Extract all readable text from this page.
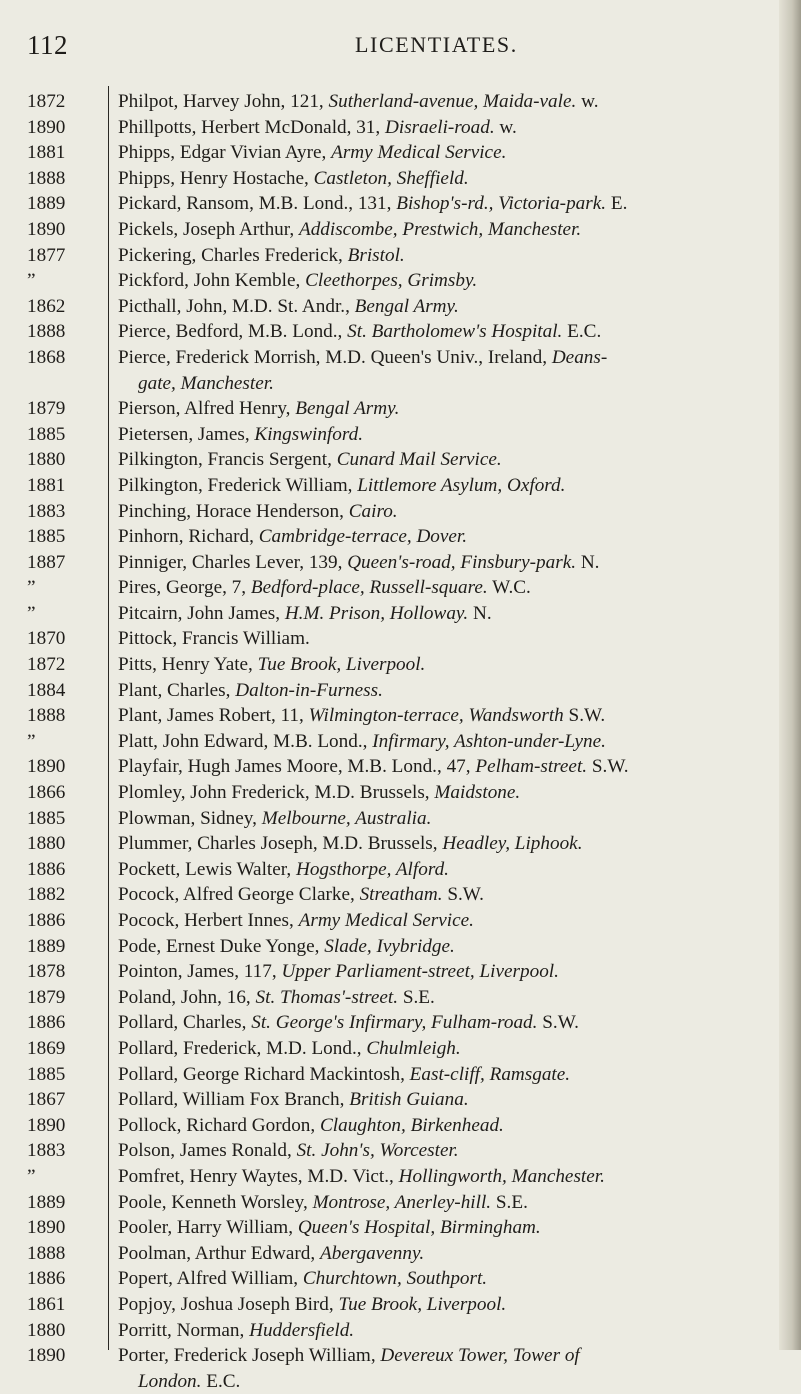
112	LICENTIATES.
1872	Philpot, Harvey John, 121, Sutherland-avenue, Maida-vale. w.
1890	Phillpotts, Herbert McDonald, 31, Disraeli-road. w.
1881	Phipps, Edgar Vivian Ayre, Army Medical Service.
1888	Phipps, Henry Hostache, Castleton, Sheffield.
1889	Pickard, Ransom, M.B. Lond., 131, Bishop's-rd., Victoria-park. E.
1890	Pickels, Joseph Arthur, Addiscombe, Prestwich, Manchester.
1877	Pickering, Charles Frederick, Bristol.
”	Pickford, John Kemble, Cleethorpes, Grimsby.
1862	Picthall, John, M.D. St. Andr., Bengal Army.
1888	Pierce, Bedford, M.B. Lond., St. Bartholomew's Hospital. E.C.
1868	Pierce, Frederick Morrish, M.D. Queen's Univ., Ireland, Deans-
gate, Manchester.
1879	Pierson, Alfred Henry, Bengal Army.
1885	Pietersen, James, Kingswinford.
1880	Pilkington, Francis Sergent, Cunard Mail Service.
1881	Pilkington, Frederick William, Littlemore Asylum, Oxford.
1883	Pinching, Horace Henderson, Cairo.
1885	Pinhorn, Richard, Cambridge-terrace, Dover.
1887	Pinniger, Charles Lever, 139, Queen's-road, Finsbury-park. N.
”	Pires, George, 7, Bedford-place, Russell-square. W.C.
”	Pitcairn, John James, H.M. Prison, Holloway. N.
1870	Pittock, Francis William.
1872	Pitts, Henry Yate, Tue Brook, Liverpool.
1884	Plant, Charles, Dalton-in-Furness.
1888	Plant, James Robert, 11, Wilmington-terrace, Wandsworth S.W.
”	Platt, John Edward, M.B. Lond., Infirmary, Ashton-under-Lyne.
1890	Playfair, Hugh James Moore, M.B. Lond., 47, Pelham-street. S.W.
1866	Plomley, John Frederick, M.D. Brussels, Maidstone.
1885	Plowman, Sidney, Melbourne, Australia.
1880	Plummer, Charles Joseph, M.D. Brussels, Headley, Liphook.
1886	Pockett, Lewis Walter, Hogsthorpe, Alford.
1882	Pocock, Alfred George Clarke, Streatham. S.W.
1886	Pocock, Herbert Innes, Army Medical Service.
1889	Pode, Ernest Duke Yonge, Slade, Ivybridge.
1878	Pointon, James, 117, Upper Parliament-street, Liverpool.
1879	Poland, John, 16, St. Thomas'-street. S.E.
1886	Pollard, Charles, St. George's Infirmary, Fulham-road. S.W.
1869	Pollard, Frederick, M.D. Lond., Chulmleigh.
1885	Pollard, George Richard Mackintosh, East-cliff, Ramsgate.
1867	Pollard, William Fox Branch, British Guiana.
1890	Pollock, Richard Gordon, Claughton, Birkenhead.
1883	Polson, James Ronald, St. John's, Worcester.
”	Pomfret, Henry Waytes, M.D. Vict., Hollingworth, Manchester.
1889	Poole, Kenneth Worsley, Montrose, Anerley-hill. S.E.
1890	Pooler, Harry William, Queen's Hospital, Birmingham.
1888	Poolman, Arthur Edward, Abergavenny.
1886	Popert, Alfred William, Churchtown, Southport.
1861	Popjoy, Joshua Joseph Bird, Tue Brook, Liverpool.
1880	Porritt, Norman, Huddersfield.
1890	Porter, Frederick Joseph William, Devereux Tower, Tower of
London. E.C.
